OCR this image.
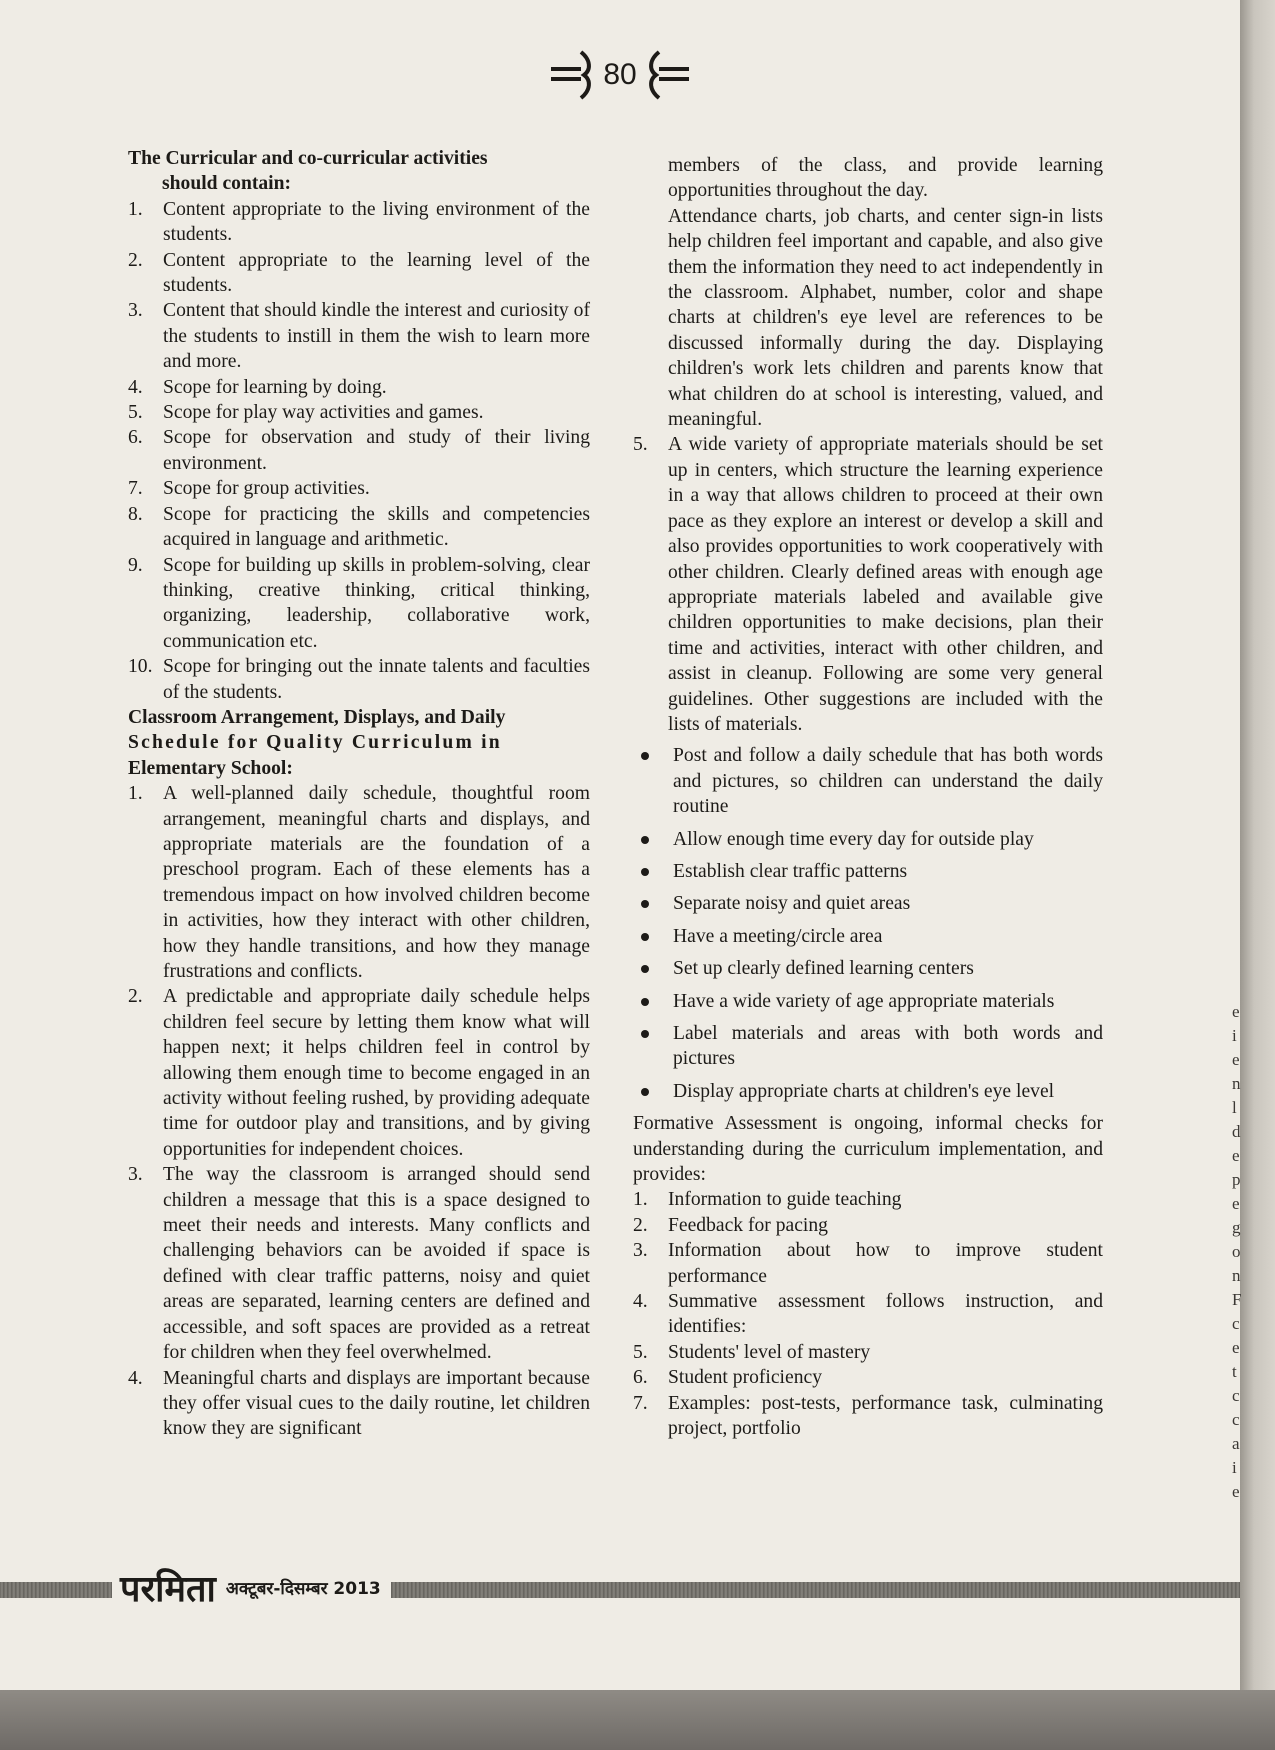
80

The Curricular and co-curricular activities
should contain:

1. Content appropriate to the living environment of the students.
2. Content appropriate to the learning level of the students.
3. Content that should kindle the interest and curiosity of the students to instill in them the wish to learn more and more.
4. Scope for learning by doing.
5. Scope for play way activities and games.
6. Scope for observation and study of their living environment.
7. Scope for group activities.
8. Scope for practicing the skills and competencies acquired in language and arithmetic.
9. Scope for building up skills in problem-solving, clear thinking, creative thinking, critical thinking, organizing, leadership, collaborative work, communication etc.
10. Scope for bringing out the innate talents and faculties of the students.

Classroom Arrangement, Displays, and Daily
Schedule for Quality Curriculum in
Elementary School:

1. A well-planned daily schedule, thoughtful room arrangement, meaningful charts and displays, and appropriate materials are the foundation of a preschool program. Each of these elements has a tremendous impact on how involved children become in activities, how they interact with other children, how they handle transitions, and how they manage frustrations and conflicts.
2. A predictable and appropriate daily schedule helps children feel secure by letting them know what will happen next; it helps children feel in control by allowing them enough time to become engaged in an activity without feeling rushed, by providing adequate time for outdoor play and transitions, and by giving opportunities for independent choices.
3. The way the classroom is arranged should send children a message that this is a space designed to meet their needs and interests. Many conflicts and challenging behaviors can be avoided if space is defined with clear traffic patterns, noisy and quiet areas are separated, learning centers are defined and accessible, and soft spaces are provided as a retreat for children when they feel overwhelmed.
4. Meaningful charts and displays are important because they offer visual cues to the daily routine, let children know they are significant
members of the class, and provide learning opportunities throughout the day.
Attendance charts, job charts, and center sign-in lists help children feel important and capable, and also give them the information they need to act independently in the classroom. Alphabet, number, color and shape charts at children's eye level are references to be discussed informally during the day. Displaying children's work lets children and parents know that what children do at school is interesting, valued, and meaningful.
5. A wide variety of appropriate materials should be set up in centers, which structure the learning experience in a way that allows children to proceed at their own pace as they explore an interest or develop a skill and also provides opportunities to work cooperatively with other children. Clearly defined areas with enough age appropriate materials labeled and available give children opportunities to make decisions, plan their time and activities, interact with other children, and assist in cleanup. Following are some very general guidelines. Other suggestions are included with the lists of materials.
Post and follow a daily schedule that has both words and pictures, so children can understand the daily routine
Allow enough time every day for outside play
Establish clear traffic patterns
Separate noisy and quiet areas
Have a meeting/circle area
Set up clearly defined learning centers
Have a wide variety of age appropriate materials
Label materials and areas with both words and pictures
Display appropriate charts at children's eye level

Formative Assessment is ongoing, informal checks for understanding during the curriculum implementation, and provides:

1. Information to guide teaching
2. Feedback for pacing
3. Information about how to improve student performance
4. Summative assessment follows instruction, and identifies:
5. Students' level of mastery
6. Student proficiency
7. Examples: post-tests, performance task, culminating project, portfolio
e
i
e
n
l
d
e
p
e
g
o
n
F
c
e
t
c
c
a
i
e
परमिता अक्टूबर-दिसम्बर 2013
